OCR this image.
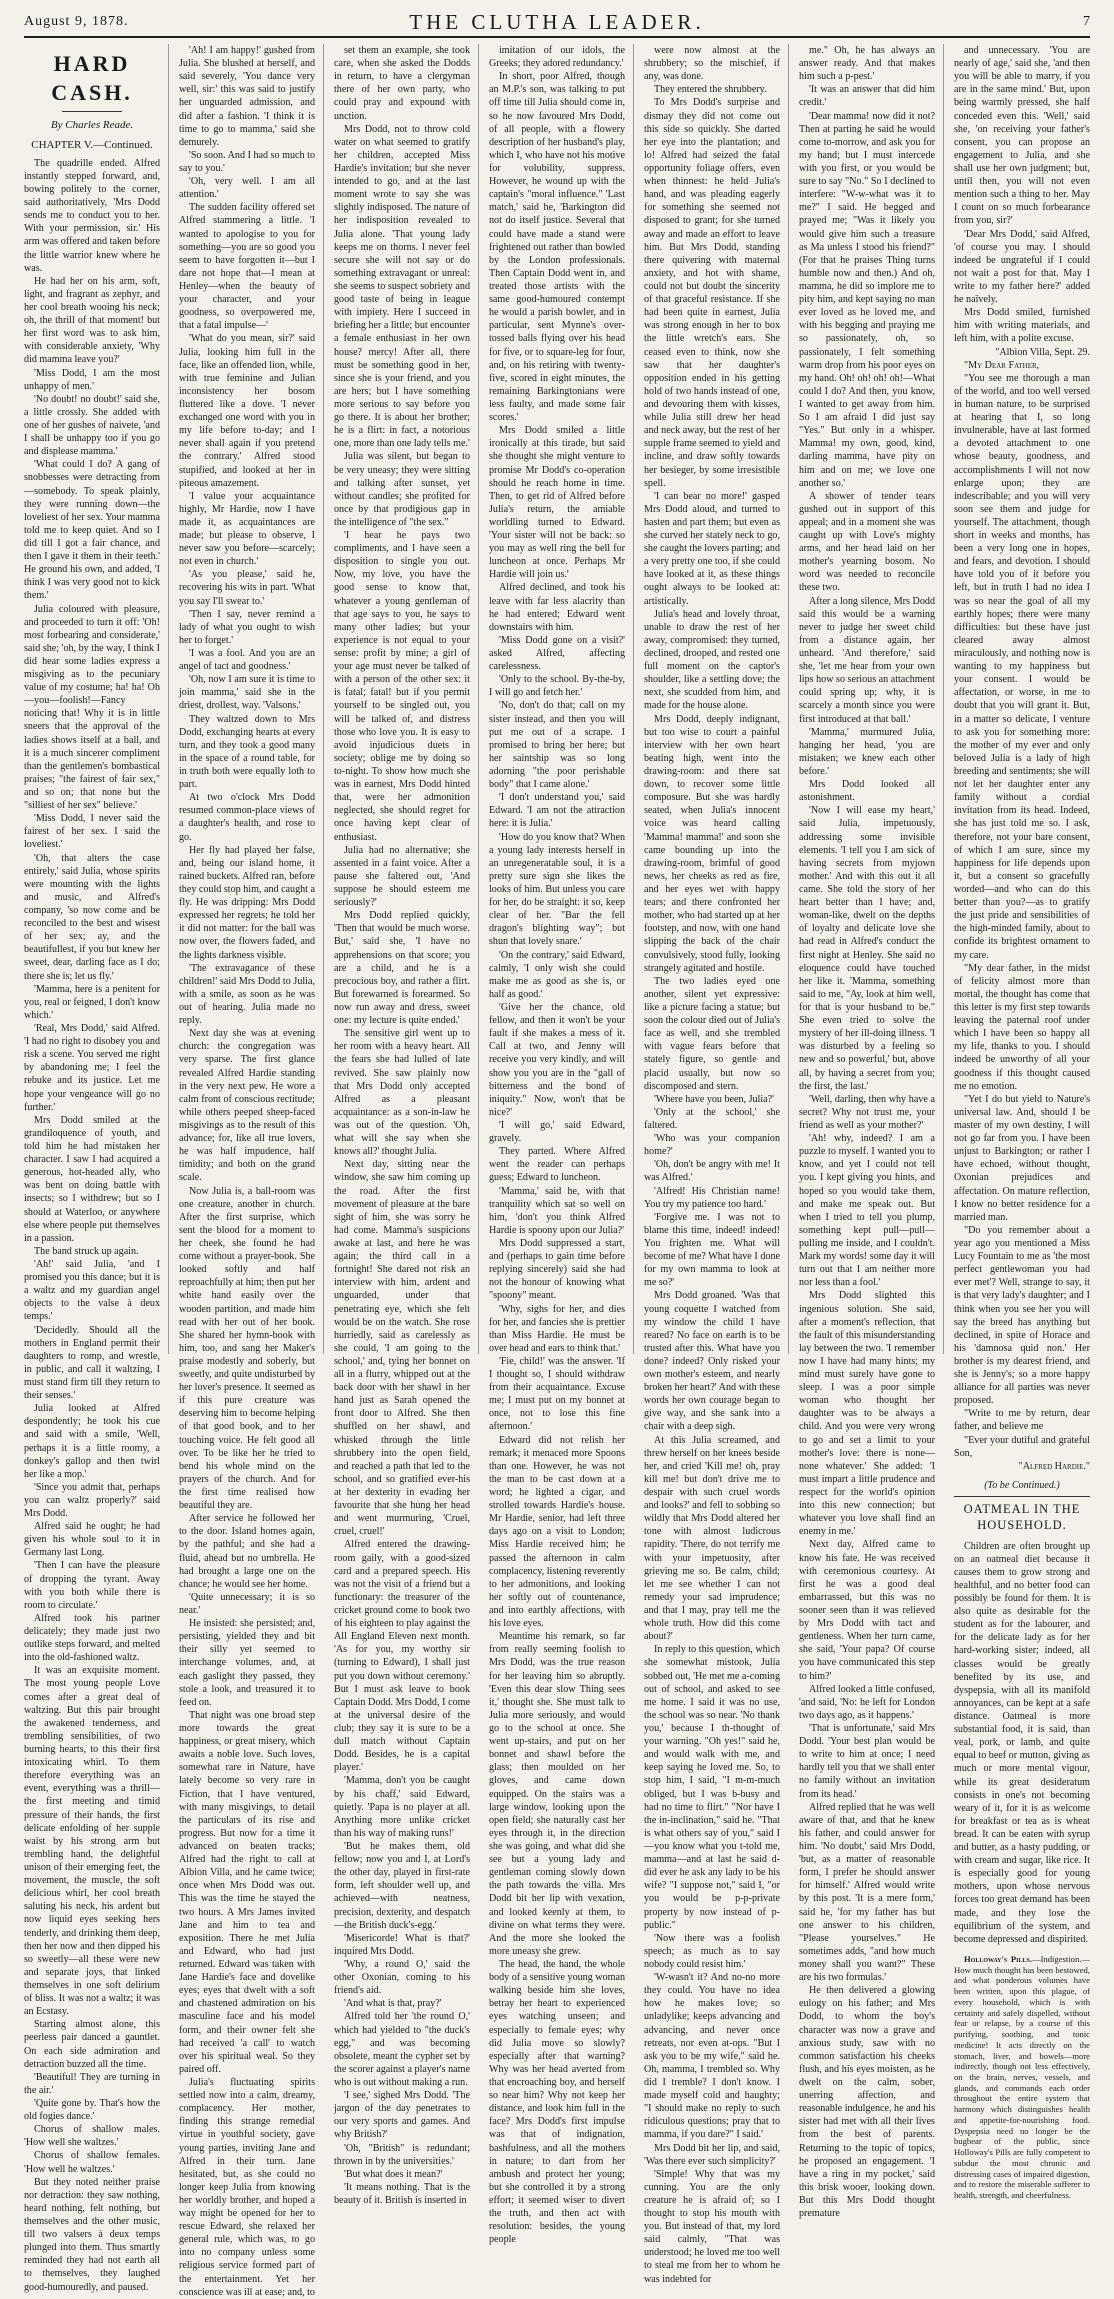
August 9, 1878.	THE CLUTHA LEADER.	7
HARD CASH.
By Charles Reade.
CHAPTER V.—Continued.

The quadrille ended. Alfred instantly stepped forward, and, bowing politely to the corner, said authoritatively, 'Mrs Dodd sends me to conduct you to her. With your permission, sir.' His arm was offered and taken before the little warrior knew where he was.

He had her on his arm, soft, light, and fragrant as zephyr, and her cool breath wooing his neck; oh, the thrill of that moment! but her first word was to ask him, with considerable anxiety, 'Why did mamma leave you?'

'Miss Dodd, I am the most unhappy of men.'

'No doubt! no doubt!' said she, a little crossly. She added with one of her gushes of naivete, 'and I shall be unhappy too if you go and displease mamma.'

'What could I do? A gang of snobbesses were detracting from—somebody. To speak plainly, they were running down—the loveliest of her sex. Your mamma told me to keep quiet. And so I did till I got a fair chance, and then I gave it them in their teeth.' He ground his own, and added, 'I think I was very good not to kick them.'

Julia coloured with pleasure, and proceeded to turn it off: 'Oh! most forbearing and considerate,' said she; 'oh, by the way, I think I did hear some ladies express a misgiving as to the pecuniary value of my costume; ha! ha! Oh—you—foolish!—Fancy noticing that! Why it is in little sneers that the approval of the ladies shows itself at a ball, and it is a much sincerer compliment than the gentlemen's bombastical praises; "the fairest of fair sex," and so on; that none but the "silliest of her sex" believe.'

'Miss Dodd, I never said the fairest of her sex. I said the loveliest.'

'Oh, that alters the case entirely,' said Julia, whose spirits were mounting with the lights and music, and Alfred's company, 'so now come and be reconciled to the best and wisest of her sex; ay, and the beautifullest, if you but knew her sweet, dear, darling face as I do; there she is; let us fly.'

'Mamma, here is a penitent for you, real or feigned, I don't know which.'

'Real, Mrs Dodd,' said Alfred. 'I had no right to disobey you and risk a scene. You served me right by abandoning me; I feel the rebuke and its justice. Let me hope your vengeance will go no further.'

Mrs Dodd smiled at the grandiloquence of youth, and told him he had mistaken her character. I saw I had acquired a generous, hot-headed ally, who was bent on doing battle with insects; so I withdrew; but so I should at Waterloo, or anywhere else where people put themselves in a passion.

The band struck up again.

'Ah!' said Julia, 'and I promised you this dance; but it is a waltz and my guardian angel objects to the valse à deux temps.'

'Decidedly. Should all the mothers in England permit their daughters to romp, and wrestle, in public, and call it waltzing, I must stand firm till they return to their senses.'

Julia looked at Alfred despondently; he took his cue and said with a smile, 'Well, perhaps it is a little roomy, a donkey's gallop and then twirl her like a mop.'

'Since you admit that, perhaps you can waltz properly?' said Mrs Dodd.

Alfred said he ought; he had given his whole soul to it in Germany last Long.

'Then I can have the pleasure of dropping the tyrant. Away with you both while there is room to circulate.'

Alfred took his partner delicately; they made just two outlike steps forward, and melted into the old-fashioned waltz.

It was an exquisite moment. The most young people Love comes after a great deal of waltzing. But this pair brought the awakened tenderness, and trembling sensibilities, of two burning hearts, to this their first intoxicating whirl. To them therefore everything was an event, everything was a thrill—the first meeting and timid pressure of their hands, the first delicate enfolding of her supple waist by his strong arm but trembling hand, the delightful unison of their emerging feet, the movement, the muscle, the soft delicious whirl, her cool breath saluting his neck, his ardent but now liquid eyes seeking hers tenderly, and drinking them deep, then her now and then dipped his so sweetly—all these were new and separate joys, that linked themselves in one soft delirium of bliss. It was not a waltz; it was an Ecstasy.

Starting almost alone, this peerless pair danced a gauntlet. On each side admiration and detraction buzzed all the time.

'Beautiful! They are turning in the air.'

'Quite gone by. That's how the old fogies dance.'

Chorus of shallow males. 'How well she waltzes.'

Chorus of shallow females. 'How well he waltzes.'

But they noted neither praise nor detraction: they saw nothing, heard nothing, felt nothing, but themselves and the other music, till two valsers à deux temps plunged into them. Thus smartly reminded they had not earth all to themselves, they laughed good-humouredly, and paused.

'Ah! I am happy!' gushed from Julia. She blushed at herself, and said severely, 'You dance very well, sir:' this was said to justify her unguarded admission, and did after a fashion. 'I think it is time to go to mamma,' said she demurely.

'So soon. And I had so much to say to you.'

'Oh, very well. I am all attention.'

The sudden facility offered set Alfred stammering a little. 'I wanted to apologise to you for something—you are so good you seem to have forgotten it—but I dare not hope that—I mean at Henley—when the beauty of your character, and your goodness, so overpowered me, that a fatal impulse—'

'What do you mean, sir?' said Julia, looking him full in the face, like an offended lion, while, with true feminine and Julian inconsistency her bosom fluttered like a dove. 'I never exchanged one word with you in my life before to-day; and I never shall again if you pretend the contrary.' Alfred stood stupified, and looked at her in piteous amazement.

'I value your acquaintance highly, Mr Hardie, now I have made it, as acquaintances are made; but please to observe, I never saw you before—scarcely; not even in church.'

'As you please,' said he, recovering his wits in part. 'What you say I'll swear to.'

'Then I say, never remind a lady of what you ought to wish her to forget.'

'I was a fool. And you are an angel of tact and goodness.'

'Oh, now I am sure it is time to join mamma,' said she in the driest, drollest, way. 'Valsons.'

They waltzed down to Mrs Dodd, exchanging hearts at every turn, and they took a good many in the space of a round table, for in truth both were equally loth to part.

At two o'clock Mrs Dodd resumed common-place views of a daughter's health, and rose to go.

Her fly had played her false, and, being our island home, it rained buckets. Alfred ran, before they could stop him, and caught a fly. He was dripping: Mrs Dodd expressed her regrets; he told her it did not matter: for the ball was now over, the flowers faded, and the lights darkness visible.

'The extravagance of these children!' said Mrs Dodd to Julia, with a smile, as soon as he was out of hearing. Julia made no reply.

Next day she was at evening church: the congregation was very sparse. The first glance revealed Alfred Hardie standing in the very next pew. He wore a calm front of conscious rectitude; while others peeped sheep-faced misgivings as to the result of this advance; for, like all true lovers, he was half impudence, half timidity; and both on the grand scale.

Now Julia is, a ball-room was one creature, another in church. After the first surprise, which sent the blood for a moment to her cheek, she found he had come without a prayer-book. She looked softly and half reproachfully at him; then put her white hand easily over the wooden partition, and made him read with her out of her book. She shared her hymn-book with him, too, and sang her Maker's praise modestly and soberly, but sweetly, and quite undisturbed by her lover's presence. It seemed as if this pure creature was deserving him to become helping of that good book, and to her touching voice. He felt good all over. To be like her he tried to bend his whole mind on the prayers of the church. And for the first time realised how beautiful they are.

After service he followed her to the door. Island homes again, by the pathful; and she had a fluid, ahead but no umbrella. He had brought a large one on the chance; he would see her home.

'Quite unnecessary; it is so near.'

He insisted: she persisted; and, persisting, yielded they and bit their silly yet seemed to interchange volumes, and, at each gaslight they passed, they stole a look, and treasured it to feed on.

That night was one broad step more towards the great happiness, or great misery, which awaits a noble love. Such loves, somewhat rare in Nature, have lately become so very rare in Fiction, that I have ventured, with many misgivings, to detail the particulars of its rise and progress. But now for a time it advanced on beaten tracks; Alfred had the right to call at Albion Villa, and he came twice; once when Mrs Dodd was out. This was the time he stayed the two hours. A Mrs James invited Jane and him to tea and exposition. There he met Julia and Edward, who had just returned. Edward was taken with Jane Hardie's face and dovelike eyes; eyes that dwelt with a soft and chastened admiration on his masculine face and his model form, and their owner felt she had received 'a call' to watch over his spiritual weal. So they paired off.

Julia's fluctuating spirits settled now into a calm, dreamy, complacency. Her mother, finding this strange remedial virtue in youthful society, gave young parties, inviting Jane and Alfred in their turn. Jane hesitated, but, as she could no longer keep Julia from knowing her worldly brother, and hoped a way might be opened for her to rescue Edward, she relaxed her general rule, which was, to go into no company unless some religious service formed part of the entertainment. Yet her conscience was ill at ease; and, to

set them an example, she took care, when she asked the Dodds in return, to have a clergyman there of her own party, who could pray and expound with unction.

Mrs Dodd, not to throw cold water on what seemed to gratify her children, accepted Miss Hardie's invitation; but she never intended to go, and at the last moment wrote to say she was slightly indisposed. The nature of her indisposition revealed to Julia alone. 'That young lady keeps me on thorns. I never feel secure she will not say or do something extravagant or unreal: she seems to suspect sobriety and good taste of being in league with impiety. Here I succeed in briefing her a little; but encounter a female enthusiast in her own house? mercy! After all, there must be something good in her, since she is your friend, and you are hers; but I have something more serious to say before you go there. It is about her brother; he is a flirt: in fact, a notorious one, more than one lady tells me.'

Julia was silent, but began to be very uneasy; they were sitting and talking after sunset, yet without candles; she profited for once by that prodigious gap in the intelligence of "the sex."

'I hear he pays two compliments, and I have seen a disposition to single you out. Now, my love, you have the good sense to know that, whatever a young gentleman of that age says to you, he says to many other ladies; but your experience is not equal to your sense: profit by mine; a girl of your age must never be talked of with a person of the other sex: it is fatal; fatal! but if you permit yourself to be singled out, you will be talked of, and distress those who love you. It is easy to avoid injudicious duets in society; oblige me by doing so to-night. To show how much she was in earnest, Mrs Dodd hinted that, were her admonition neglected, she should regret for once having kept clear of enthusiast.

Julia had no alternative; she assented in a faint voice. After a pause she faltered out, 'And suppose he should esteem me seriously?'

Mrs Dodd replied quickly, 'Then that would be much worse. But,' said she, 'I have no apprehensions on that score; you are a child, and he is a precocious boy, and rather a flirt. But forewarned is forearmed. So now run away and dress, sweet one: my lecture is quite ended.'

The sensitive girl went up to her room with a heavy heart. All the fears she had lulled of late revived. She saw plainly now that Mrs Dodd only accepted Alfred as a pleasant acquaintance: as a son-in-law he was out of the question. 'Oh, what will she say when she knows all?' thought Julia.

Next day, sitting near the window, she saw him coming up the road. After the first movement of pleasure at the bare sight of him, she was sorry he had come. Mamma's suspicions awake at last, and here he was again; the third call in a fortnight! She dared not risk an interview with him, ardent and unguarded, under that penetrating eye, which she felt would be on the watch. She rose hurriedly, said as carelessly as she could, 'I am going to the school,' and, tying her bonnet on all in a flurry, whipped out at the back door with her shawl in her hand just as Sarah opened the front door to Alfred. She then shuffled on her shawl, and whisked through the little shrubbery into the open field, and reached a path that led to the school, and so gratified ever-his at her dexterity in evading her favourite that she hung her head and went murmuring, 'Cruel, cruel, cruel!'

Alfred entered the drawing-room gaily, with a good-sized card and a prepared speech. His was not the visit of a friend but a functionary: the treasurer of the cricket ground come to book two of his eighteen to play against the All England Eleven next month. 'As for you, my worthy sir (turning to Edward), I shall just put you down without ceremony.' But I must ask leave to book Captain Dodd. Mrs Dodd, I come at the universal desire of the club; they say it is sure to be a dull match without Captain Dodd. Besides, he is a capital player.'

'Mamma, don't you be caught by his chaff,' said Edward, quietly. 'Papa is no player at all. Anything more unlike cricket than his way of making runs!'

'But he makes them, old fellow; now you and I, at Lord's the other day, played in first-rate form, left shoulder well up, and achieved—with neatness, precision, dexterity, and despatch—the British duck's-egg.'

'Misericorde! What is that?' inquired Mrs Dodd.

'Why, a round O,' said the other Oxonian, coming to his friend's aid.

'And what is that, pray?'

Alfred told her 'the round O,' which had yielded to "the duck's egg," and was becoming obsolete, meant the cypher set by the scorer against a player's name who is out without making a run.

'I see,' sighed Mrs Dodd. 'The jargon of the day penetrates to our very sports and games. And why British?'

'Oh, "British" is redundant; thrown in by the universities.'

'But what does it mean?'

'It means nothing. That is the beauty of it. British is inserted in

imitation of our idols, the Greeks; they adored redundancy.'

In short, poor Alfred, though an M.P.'s son, was talking to put off time till Julia should come in, so he now favoured Mrs Dodd, of all people, with a flowery description of her husband's play, which I, who have not his motive for volubility, suppress. However, he wound up with the captain's "moral influence." 'Last match,' said he, 'Barkington did not do itself justice. Several that could have made a stand were frightened out rather than bowled by the London professionals. Then Captain Dodd went in, and treated those artists with the same good-humoured contempt he would a parish bowler, and in particular, sent Mynne's over-tossed balls flying over his head for five, or to square-leg for four, and, on his retiring with twenty-five, scored in eight minutes, the remaining Barkingtonians were less faulty, and made some fair scores.'

Mrs Dodd smiled a little ironically at this tirade, but said she thought she might venture to promise Mr Dodd's co-operation should he reach home in time. Then, to get rid of Alfred before Julia's return, the amiable worldling turned to Edward. 'Your sister will not be back: so you may as well ring the bell for luncheon at once. Perhaps Mr Hardie will join us.'

Alfred declined, and took his leave with far less alacrity than he had entered; Edward went downstairs with him.

'Miss Dodd gone on a visit?' asked Alfred, affecting carelessness.

'Only to the school. By-the-by, I will go and fetch her.'

'No, don't do that; call on my sister instead, and then you will put me out of a scrape. I promised to bring her here; but her saintship was so long adorning "the poor perishable body" that I came alone.'

'I don't understand you,' said Edward. 'I am not the attraction here: it is Julia.'

'How do you know that? When a young lady interests herself in an unregeneratable soul, it is a pretty sure sign she likes the looks of him. But unless you care for her, do be straight: it so, keep clear of her. "Bar the fell dragon's blighting way"; but shun that lovely snare.'

'On the contrary,' said Edward, calmly, 'I only wish she could make me as good as she is, or half as good.'

'Give her the chance, old fellow, and then it won't be your fault if she makes a mess of it. Call at two, and Jenny will receive you very kindly, and will show you you are in the "gall of bitterness and the bond of iniquity." Now, won't that be nice?'

'I will go,' said Edward, gravely.

They parted. Where Alfred went the reader can perhaps guess; Edward to luncheon.

'Mamma,' said he, with that tranquility which sat so well on him, 'don't you think Alfred Hardie is spoony upon our Julia?'

Mrs Dodd suppressed a start, and (perhaps to gain time before replying sincerely) said she had not the honour of knowing what "spoony" meant.

'Why, sighs for her, and dies for her, and fancies she is prettier than Miss Hardie. He must be over head and ears to think that.'

'Fie, child!' was the answer. 'If I thought so, I should withdraw from their acquaintance. Excuse me; I must put on my bonnet at once, not to lose this fine afternoon.'

Edward did not relish her remark; it menaced more Spoons than one. However, he was not the man to be cast down at a word; he lighted a cigar, and strolled towards Hardie's house. Mr Hardie, senior, had left three days ago on a visit to London; Miss Hardie received him; he passed the afternoon in calm complacency, listening reverently to her admonitions, and looking her softly out of countenance, and into earthly affections, with his love eyes.

Meantime his remark, so far from really seeming foolish to Mrs Dodd, was the true reason for her leaving him so abruptly. 'Even this dear slow Thing sees it,' thought she. She must talk to Julia more seriously, and would go to the school at once. She went up-stairs, and put on her bonnet and shawl before the glass; then moulded on her gloves, and came down equipped. On the stairs was a large window, looking upon the open field; she naturally cast her eyes through it, in the direction she was going, and what did she see but a young lady and gentleman coming slowly down the path towards the villa. Mrs Dodd bit her lip with vexation, and looked keenly at them, to divine on what terms they were. And the more she looked the more uneasy she grew.

The head, the hand, the whole body of a sensitive young woman walking beside him she loves, betray her heart to experienced eyes watching unseen; and especially to female eyes; why did Julia move so slowly? especially after that warning? Why was her head averted from that encroaching boy, and herself so near him? Why not keep her distance, and look him full in the face? Mrs Dodd's first impulse was that of indignation, bashfulness, and all the mothers in nature; to dart from her ambush and protect her young; but she controlled it by a strong effort; it seemed wiser to divert the truth, and then act with resolution: besides, the young people

were now almost at the shrubbery; so the mischief, if any, was done.

They entered the shrubbery.

To Mrs Dodd's surprise and dismay they did not come out this side so quickly. She darted her eye into the plantation; and lo! Alfred had seized the fatal opportunity foliage offers, even when thinnest: he held Julia's hand, and was pleading eagerly for something she seemed not disposed to grant; for she turned away and made an effort to leave him. But Mrs Dodd, standing there quivering with maternal anxiety, and hot with shame, could not but doubt the sincerity of that graceful resistance. If she had been quite in earnest, Julia was strong enough in her to box the little wretch's ears. She ceased even to think, now she saw that her daughter's opposition ended in his getting hold of two hands instead of one, and devouring them with kisses, while Julia still drew her head and neck away, but the rest of her supple frame seemed to yield and incline, and draw softly towards her besieger, by some irresistible spell.

'I can bear no more!' gasped Mrs Dodd aloud, and turned to hasten and part them; but even as she curved her stately neck to go, she caught the lovers parting; and a very pretty one too, if she could have looked at it, as these things ought always to be looked at: artistically.

Julia's head and lovely throat, unable to draw the rest of her away, compromised: they turned, declined, drooped, and rested one full moment on the captor's shoulder, like a settling dove; the next, she scudded from him, and made for the house alone.

Mrs Dodd, deeply indignant, but too wise to court a painful interview with her own heart beating high, went into the drawing-room: and there sat down, to recover some little composure. But she was hardly seated, when Julia's innocent voice was heard calling 'Mamma! mamma!' and soon she came bounding up into the drawing-room, brimful of good news, her cheeks as red as fire, and her eyes wet with happy tears; and there confronted her mother, who had started up at her footstep, and now, with one hand slipping the back of the chair convulsively, stood fully, looking strangely agitated and hostile.

The two ladies eyed one another, silent yet expressive: like a picture facing a statue; but soon the colour died out of Julia's face as well, and she trembled with vague fears before that stately figure, so gentle and placid usually, but now so discomposed and stern.

'Where have you been, Julia?'

'Only at the school,' she faltered.

'Who was your companion home?'

'Oh, don't be angry with me! It was Alfred.'

'Alfred! His Christian name! You try my patience too hard.'

'Forgive me. I was not to blame this time, indeed! indeed! You frighten me. What will become of me? What have I done for my own mamma to look at me so?'

Mrs Dodd groaned. 'Was that young coquette I watched from my window the child I have reared? No face on earth is to be trusted after this. What have you done? indeed? Only risked your own mother's esteem, and nearly broken her heart?' And with these words her own courage began to give way, and she sank into a chair with a deep sigh.

At this Julia screamed, and threw herself on her knees beside her, and cried 'Kill me! oh, pray kill me! but don't drive me to despair with such cruel words and looks?' and fell to sobbing so wildly that Mrs Dodd altered her tone with almost ludicrous rapidity. 'There, do not terrify me with your impetuosity, after grieving me so. Be calm, child; let me see whether I can not remedy your sad imprudence; and that I may, pray tell me the whole truth. How did this come about?'

In reply to this question, which she somewhat mistook, Julia sobbed out, 'He met me a-coming out of school, and asked to see me home. I said it was no use, the school was so near. 'No thank you,' because I th-thought of your warning. "Oh yes!" said he, and would walk with me, and keep saying he loved me. So, to stop him, I said, "I m-m-much obliged, but I was b-busy and had no time to flirt." "Nor have I the in-inclination," said he. "That is what others say of you," said I—you know what you t-told me, mamma—and at last he said d-did ever he ask any lady to be his wife? "I suppose not," said I, "or you would be p-p-private property by now instead of p-public."

'Now there was a foolish speech; as much as to say nobody could resist him.'

'W-wasn't it? And no-no more they could. You have no idea how he makes love; so unladylike; keeps advancing and advancing, and never once retreats, nor even at-ops. "But I ask you to be my wife," said he. Oh, mamma, I trembled so. Why did I tremble? I don't know. I made myself cold and haughty; "I should make no reply to such ridiculous questions; pray that to mamma, if you dare?" I said.'

Mrs Dodd bit her lip, and said, 'Was there ever such simplicity?'

'Simple! Why that was my cunning. You are the only creature he is afraid of; so I thought to stop his mouth with you. But instead of that, my lord said calmly, "That was understood; he loved me too well to steal me from her to whom he was indebted for

me." Oh, he has always an answer ready. And that makes him such a p-pest.'

'It was an answer that did him credit.'

'Dear mamma! now did it not? Then at parting he said he would come to-morrow, and ask you for my hand; but I must intercede with you first, or you would be sure to say "No." So I declined to interfere: "W-w-what was it to me?" I said. He begged and prayed me; "Was it likely you would give him such a treasure as Ma unless I stood his friend?" (For that he praises Thing turns humble now and then.) And oh, mamma, he did so implore me to pity him, and kept saying no man ever loved as he loved me, and with his begging and praying me so passionately, oh, so passionately, I felt something warm drop from his poor eyes on my hand. Oh! oh! oh! oh!—What could I do? And then, you know, I wanted to get away from him. So I am afraid I did just say "Yes." But only in a whisper. Mamma! my own, good, kind, darling mamma, have pity on him and on me; we love one another so.'

A shower of tender tears gushed out in support of this appeal; and in a moment she was caught up with Love's mighty arms, and her head laid on her mother's yearning bosom. No word was needed to reconcile these two.

After a long silence, Mrs Dodd said this would be a warning never to judge her sweet child from a distance again, her unheard. 'And therefore,' said she, 'let me hear from your own lips how so serious an attachment could spring up; why, it is scarcely a month since you were first introduced at that ball.'

'Mamma,' murmured Julia, hanging her head, 'you are mistaken; we knew each other before.'

Mrs Dodd looked all astonishment.

'Now I will ease my heart,' said Julia, impetuously, addressing some invisible elements. 'I tell you I am sick of having secrets from myjown mother.' And with this out it all came. She told the story of her heart better than I have; and, woman-like, dwelt on the depths of loyalty and delicate love she had read in Alfred's conduct the first night at Henley. She said no eloquence could have touched her like it. 'Mamma, something said to me, "Ay, look at him well, for that is your husband to be." She even tried to solve the mystery of her ill-doing illness. 'I was disturbed by a feeling so new and so powerful,' but, above all, by having a secret from you; the first, the last.'

'Well, darling, then why have a secret? Why not trust me, your friend as well as your mother?'

'Ah! why, indeed? I am a puzzle to myself. I wanted you to know, and yet I could not tell you. I kept giving you hints, and hoped so you would take them, and make me speak out. But when I tried to tell you plump, something kept pull—pull—pulling me inside, and I couldn't. Mark my words! some day it will turn out that I am neither more nor less than a fool.'

Mrs Dodd slighted this ingenious solution. She said, after a moment's reflection, that the fault of this misunderstanding lay between the two. 'I remember now I have had many hints; my mind must surely have gone to sleep. I was a poor simple woman who thought her daughter was to be always a child. And you were very wrong to go and set a limit to your mother's love: there is none—none whatever.' She added: 'I must impart a little prudence and respect for the world's opinion into this new connection; but whatever you love shall find an enemy in me.'

Next day, Alfred came to know his fate. He was received with ceremonious courtesy. At first he was a good deal embarrassed, but this was no sooner seen than it was relieved by Mrs Dodd with tact and gentleness. When her turn came, she said, 'Your papa? Of course you have communicated this step to him?'

Alfred looked a little confused, 'and said, 'No: he left for London two days ago, as it happens.'

'That is unfortunate,' said Mrs Dodd. 'Your best plan would be to write to him at once; I need hardly tell you that we shall enter no family without an invitation from its head.'

Alfred replied that he was well aware of that, and that he knew his father, and could answer for him. 'No doubt,' said Mrs Dodd, 'but, as a matter of reasonable form, I prefer he should answer for himself.' Alfred would write by this post. 'It is a mere form,' said he, 'for my father has but one answer to his children, "Please yourselves." He sometimes adds, "and how much money shall you want?" These are his two formulas.'

He then delivered a glowing eulogy on his father; and Mrs Dodd, to whom the boy's character was now a grave and anxious study, saw with no common satisfaction his cheeks flush, and his eyes moisten, as he dwelt on the calm, sober, unerring affection, and reasonable indulgence, he and his sister had met with all their lives from the best of parents. Returning to the topic of topics, he proposed an engagement. 'I have a ring in my pocket,' said this brisk wooer, looking down. But this Mrs Dodd thought premature

and unnecessary. 'You are nearly of age,' said she, 'and then you will be able to marry, if you are in the same mind.' But, upon being warmly pressed, she half conceded even this. 'Well,' said she, 'on receiving your father's consent, you can propose an engagement to Julia, and she shall use her own judgment; but, until then, you will not even mention such a thing to her. May I count on so much forbearance from you, sir?'

'Dear Mrs Dodd,' said Alfred, 'of course you may. I should indeed be ungrateful if I could not wait a post for that. May I write to my father here?' added he naïvely.

Mrs Dodd smiled, furnished him with writing materials, and left him, with a polite excuse.

"Albion Villa, Sept. 29.

"My Dear Father,

"You see me thorough a man of the world, and too well versed in human nature, to be surprised at hearing that I, so long invulnerable, have at last formed a devoted attachment to one whose beauty, goodness, and accomplishments I will not now enlarge upon; they are indescribable; and you will very soon see them and judge for yourself. The attachment, though short in weeks and months, has been a very long one in hopes, and fears, and devotion. I should have told you of it before you left, but in truth I had no idea I was so near the goal of all my earthly hopes; there were many difficulties: but these have just cleared away almost miraculously, and nothing now is wanting to my happiness but your consent. I would be affectation, or worse, in me to doubt that you will grant it. But, in a matter so delicate, I venture to ask you for something more: the mother of my ever and only beloved Julia is a lady of high breeding and sentiments; she will not let her daughter enter any family without a cordial invitation from its head. Indeed, she has just told me so. I ask, therefore, not your bare consent, of which I am sure, since my happiness for life depends upon it, but a consent so gracefully worded—and who can do this better than you?—as to gratify the just pride and sensibilities of the high-minded family, about to confide its brightest ornament to my care.

"My dear father, in the midst of felicity almost more than mortal, the thought has come that this letter is my first step towards leaving the paternal roof under which I have been so happy all my life, thanks to you. I should indeed be unworthy of all your goodness if this thought caused me no emotion.

"Yet I do but yield to Nature's universal law. And, should I be master of my own destiny, I will not go far from you. I have been unjust to Barkington; or rather I have echoed, without thought, Oxonian prejudices and affectation. On mature reflection, I know no better residence for a married man.

"Do you remember about a year ago you mentioned a Miss Lucy Fountain to me as 'the most perfect gentlewoman you had ever met'? Well, strange to say, it is that very lady's daughter; and I think when you see her you will say the breed has anything but declined, in spite of Horace and his 'damnosa quid non.' Her brother is my dearest friend, and she is Jenny's; so a more happy alliance for all parties was never proposed.

"Write to me by return, dear father, and believe me

"Ever your dutiful and grateful Son,

"Alfred Hardie."

(To be Continued.)
OATMEAL IN THE HOUSEHOLD.

Children are often brought up on an oatmeal diet because it causes them to grow strong and healthful, and no better food can possibly be found for them. It is also quite as desirable for the student as for the labourer, and for the delicate lady as for her hard-working sister; indeed, all classes would be greatly benefited by its use, and dyspepsia, with all its manifold annoyances, can be kept at a safe distance. Oatmeal is more substantial food, it is said, than veal, pork, or lamb, and quite equal to beef or mutton, giving as much or more mental vigour, while its great desideratum consists in one's not becoming weary of it, for it is as welcome for breakfast or tea as is wheat bread. It can be eaten with syrup and butter, as a hasty pudding, or with cream and sugar, like rice. It is especially good for young mothers, upon whose nervous forces too great demand has been made, and they lose the equilibrium of the system, and become depressed and dispirited.

Holloway's Pills.—Indigestion.—How much thought has been bestowed, and what ponderous volumes have been written, upon this plague, of every household, which is with certainty and safely dispelled, without fear or relapse, by a course of this purifying, soothing, and tonic medicine! It acts directly on the stomach, liver, and bowels—more indirectly, though not less effectively, on the brain, nerves, vessels, and glands, and commands each order throughout the entire system that harmony which distinguishes health and appetite-for-nourishing food. Dyspepsia need no longer be the bugbear of the public, since Holloway's Pills are fully competent to subdue the most chronic and distressing cases of impaired digestion, and to restore the miserable sufferer to health, strength, and cheerfulness.
